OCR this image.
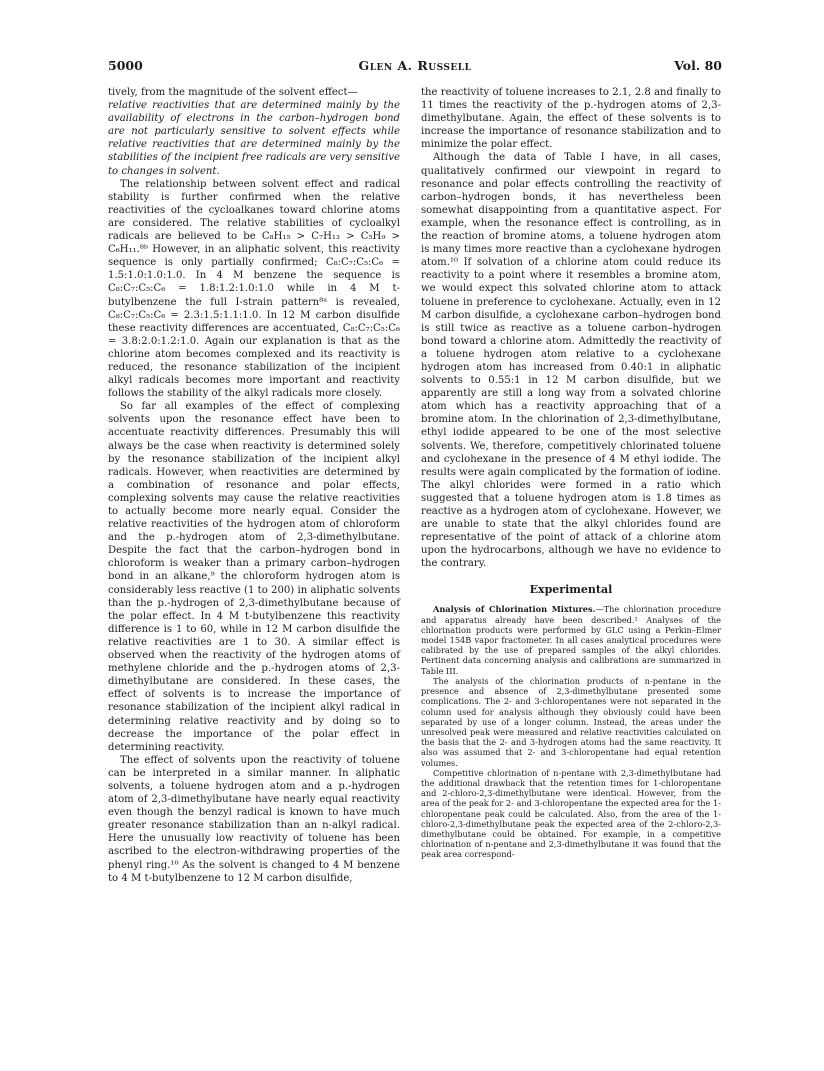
5000	Glen A. Russell	Vol. 80

tively, from the magnitude of the solvent effect—

relative reactivities that are determined mainly by the availability of electrons in the carbon–hydrogen bond are not particularly sensitive to solvent effects while relative reactivities that are determined mainly by the stabilities of the incipient free radicals are very sensitive to changes in solvent.

The relationship between solvent effect and radical stability is further confirmed when the relative reactivities of the cycloalkanes toward chlorine atoms are considered. The relative stabilities of cycloalkyl radicals are believed to be C₈H₁₅ > C₇H₁₃ > C₅H₉ > C₆H₁₁.⁸ᵇ However, in an aliphatic solvent, this reactivity sequence is only partially confirmed; C₈:C₇:C₅:C₆ = 1.5:1.0:1.0:1.0. In 4 M benzene the sequence is C₈:C₇:C₅:C₆ = 1.8:1.2:1.0:1.0 while in 4 M t-butylbenzene the full I-strain pattern⁸ᵃ is revealed, C₈:C₇:C₅:C₆ = 2.3:1.5:1.1:1.0. In 12 M carbon disulfide these reactivity differences are accentuated, C₈:C₇:C₅:C₆ = 3.8:2.0:1.2:1.0. Again our explanation is that as the chlorine atom becomes complexed and its reactivity is reduced, the resonance stabilization of the incipient alkyl radicals becomes more important and reactivity follows the stability of the alkyl radicals more closely.

So far all examples of the effect of complexing solvents upon the resonance effect have been to accentuate reactivity differences. Presumably this will always be the case when reactivity is determined solely by the resonance stabilization of the incipient alkyl radicals. However, when reactivities are determined by a combination of resonance and polar effects, complexing solvents may cause the relative reactivities to actually become more nearly equal. Consider the relative reactivities of the hydrogen atom of chloroform and the p.-hydrogen atom of 2,3-dimethylbutane. Despite the fact that the carbon–hydrogen bond in chloroform is weaker than a primary carbon–hydrogen bond in an alkane,⁹ the chloroform hydrogen atom is considerably less reactive (1 to 200) in aliphatic solvents than the p.-hydrogen of 2,3-dimethylbutane because of the polar effect. In 4 M t-butylbenzene this reactivity difference is 1 to 60, while in 12 M carbon disulfide the relative reactivities are 1 to 30. A similar effect is observed when the reactivity of the hydrogen atoms of methylene chloride and the p.-hydrogen atoms of 2,3-dimethylbutane are considered. In these cases, the effect of solvents is to increase the importance of resonance stabilization of the incipient alkyl radical in determining relative reactivity and by doing so to decrease the importance of the polar effect in determining reactivity.

The effect of solvents upon the reactivity of toluene can be interpreted in a similar manner. In aliphatic solvents, a toluene hydrogen atom and a p.-hydrogen atom of 2,3-dimethylbutane have nearly equal reactivity even though the benzyl radical is known to have much greater resonance stabilization than an n-alkyl radical. Here the unusually low reactivity of toluene has been ascribed to the electron-withdrawing properties of the phenyl ring.¹⁰ As the solvent is changed to 4 M benzene to 4 M t-butylbenzene to 12 M carbon disulfide,

the reactivity of toluene increases to 2.1, 2.8 and finally to 11 times the reactivity of the p.-hydrogen atoms of 2,3-dimethylbutane. Again, the effect of these solvents is to increase the importance of resonance stabilization and to minimize the polar effect.

Although the data of Table I have, in all cases, qualitatively confirmed our viewpoint in regard to resonance and polar effects controlling the reactivity of carbon–hydrogen bonds, it has nevertheless been somewhat disappointing from a quantitative aspect. For example, when the resonance effect is controlling, as in the reaction of bromine atoms, a toluene hydrogen atom is many times more reactive than a cyclohexane hydrogen atom.¹⁰ If solvation of a chlorine atom could reduce its reactivity to a point where it resembles a bromine atom, we would expect this solvated chlorine atom to attack toluene in preference to cyclohexane. Actually, even in 12 M carbon disulfide, a cyclohexane carbon–hydrogen bond is still twice as reactive as a toluene carbon–hydrogen bond toward a chlorine atom. Admittedly the reactivity of a toluene hydrogen atom relative to a cyclohexane hydrogen atom has increased from 0.40:1 in aliphatic solvents to 0.55:1 in 12 M carbon disulfide, but we apparently are still a long way from a solvated chlorine atom which has a reactivity approaching that of a bromine atom. In the chlorination of 2,3-dimethylbutane, ethyl iodide appeared to be one of the most selective solvents. We, therefore, competitively chlorinated toluene and cyclohexane in the presence of 4 M ethyl iodide. The results were again complicated by the formation of iodine. The alkyl chlorides were formed in a ratio which suggested that a toluene hydrogen atom is 1.8 times as reactive as a hydrogen atom of cyclohexane. However, we are unable to state that the alkyl chlorides found are representative of the point of attack of a chlorine atom upon the hydrocarbons, although we have no evidence to the contrary.

Experimental

Analysis of Chlorination Mixtures.—The chlorination procedure and apparatus already have been described.² Analyses of the chlorination products were performed by GLC using a Perkin–Elmer model 154B vapor fractometer. In all cases analytical procedures were calibrated by the use of prepared samples of the alkyl chlorides. Pertinent data concerning analysis and calibrations are summarized in Table III.

The analysis of the chlorination products of n-pentane in the presence and absence of 2,3-dimethylbutane presented some complications. The 2- and 3-chloropentanes were not separated in the column used for analysis although they obviously could have been separated by use of a longer column. Instead, the areas under the unresolved peak were measured and relative reactivities calculated on the basis that the 2- and 3-hydrogen atoms had the same reactivity. It also was assumed that 2- and 3-chloropentane had equal retention volumes.

Competitive chlorination of n-pentane with 2,3-dimethylbutane had the additional drawback that the retention times for 1-chloropentane and 2-chloro-2,3-dimethylbutane were identical. However, from the area of the peak for 2- and 3-chloropentane the expected area for the 1-chloropentane peak could be calculated. Also, from the area of the 1-chloro-2,3-dimethylbutane peak the expected area of the 2-chloro-2,3-dimethylbutane could be obtained. For example, in a competitive chlorination of n-pentane and 2,3-dimethylbutane it was found that the peak area correspond-
